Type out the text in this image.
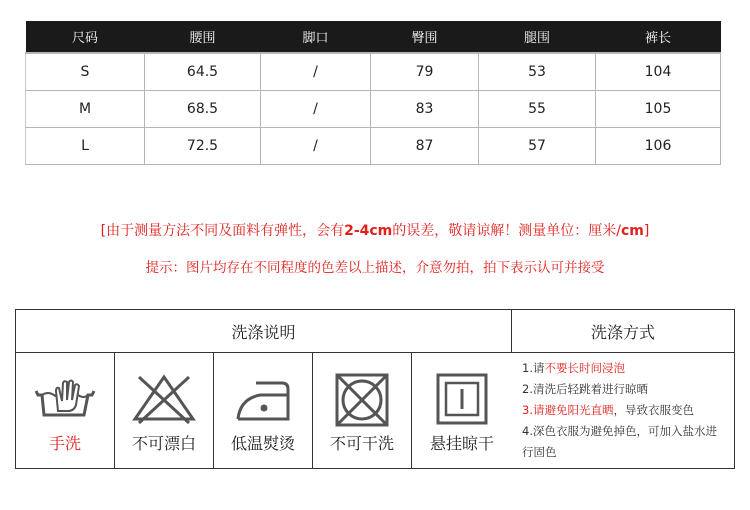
尺码	腰围	脚口	臀围	腿围	裤长
S	64.5	/	79	53	104
M	68.5	/	83	55	105
L	72.5	/	87	57	106
[由于测量方法不同及面料有弹性，会有2-4cm的误差，敬请谅解！测量单位：厘米/cm]
提示：图片均存在不同程度的色差以上描述，介意勿拍，拍下表示认可并接受
洗涤说明	洗涤方式
手洗	不可漂白 低温熨烫 不可干洗 悬挂晾干
1.请不要长时间浸泡
2.清洗后轻跳着进行晾晒
3.请避免阳光直晒，导致衣服变色
4.深色衣服为避免掉色，可加入盐水进行固色
